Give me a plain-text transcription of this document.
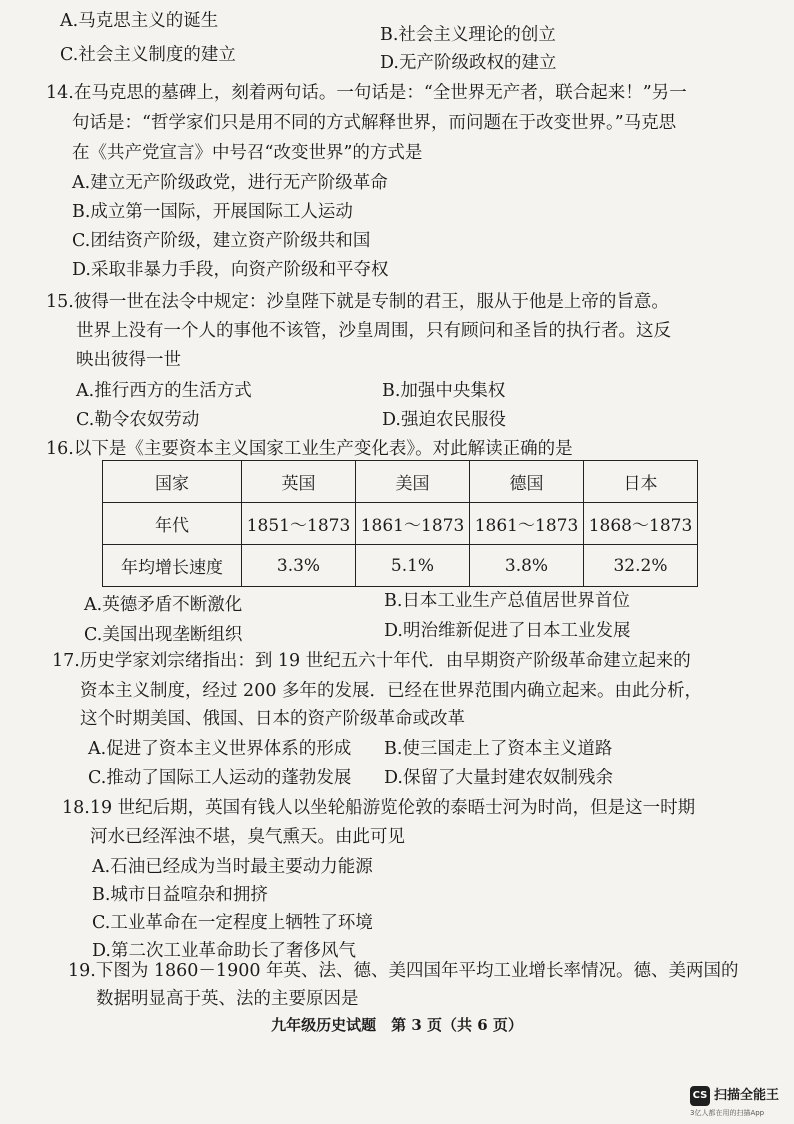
A.马克思主义的诞生
B.社会主义理论的创立
C.社会主义制度的建立	D.无产阶级政权的建立
14.在马克思的墓碑上，刻着两句话。一句话是：“全世界无产者，联合起来！”另一
句话是：“哲学家们只是用不同的方式解释世界，而问题在于改变世界。”马克思
在《共产党宣言》中号召“改变世界”的方式是
A.建立无产阶级政党，进行无产阶级革命
B.成立第一国际，开展国际工人运动
C.团结资产阶级，建立资产阶级共和国
D.采取非暴力手段，向资产阶级和平夺权
15.彼得一世在法令中规定：沙皇陛下就是专制的君王，服从于他是上帝的旨意。
世界上没有一个人的事他不该管，沙皇周围，只有顾问和圣旨的执行者。这反
映出彼得一世
A.推行西方的生活方式	B.加强中央集权
C.勒令农奴劳动	D.强迫农民服役
16.以下是《主要资本主义国家工业生产变化表》。对此解读正确的是
国家	英国	美国	德国	日本
年代	1851～1873	1861～1873	1861～1873	1868～1873
年均增长速度	3.3%	5.1%	3.8%	32.2%
A.英德矛盾不断激化	B.日本工业生产总值居世界首位
C.美国出现垄断组织	D.明治维新促进了日本工业发展
17.历史学家刘宗绪指出：到 19 世纪五六十年代．由早期资产阶级革命建立起来的
资本主义制度，经过 200 多年的发展．已经在世界范围内确立起来。由此分析，
这个时期美国、俄国、日本的资产阶级革命或改革
A.促进了资本主义世界体系的形成 B.使三国走上了资本主义道路
C.推动了国际工人运动的蓬勃发展 D.保留了大量封建农奴制残余
18.19 世纪后期，英国有钱人以坐轮船游览伦敦的泰晤士河为时尚，但是这一时期
河水已经浑浊不堪，臭气熏天。由此可见
A.石油已经成为当时最主要动力能源
B.城市日益喧杂和拥挤
C.工业革命在一定程度上牺牲了环境
D.第二次工业革命助长了奢侈风气
19.下图为 1860－1900 年英、法、德、美四国年平均工业增长率情况。德、美两国的
数据明显高于英、法的主要原因是
九年级历史试题　第 3 页（共 6 页）
CS 扫描全能王
3亿人都在用的扫描App
